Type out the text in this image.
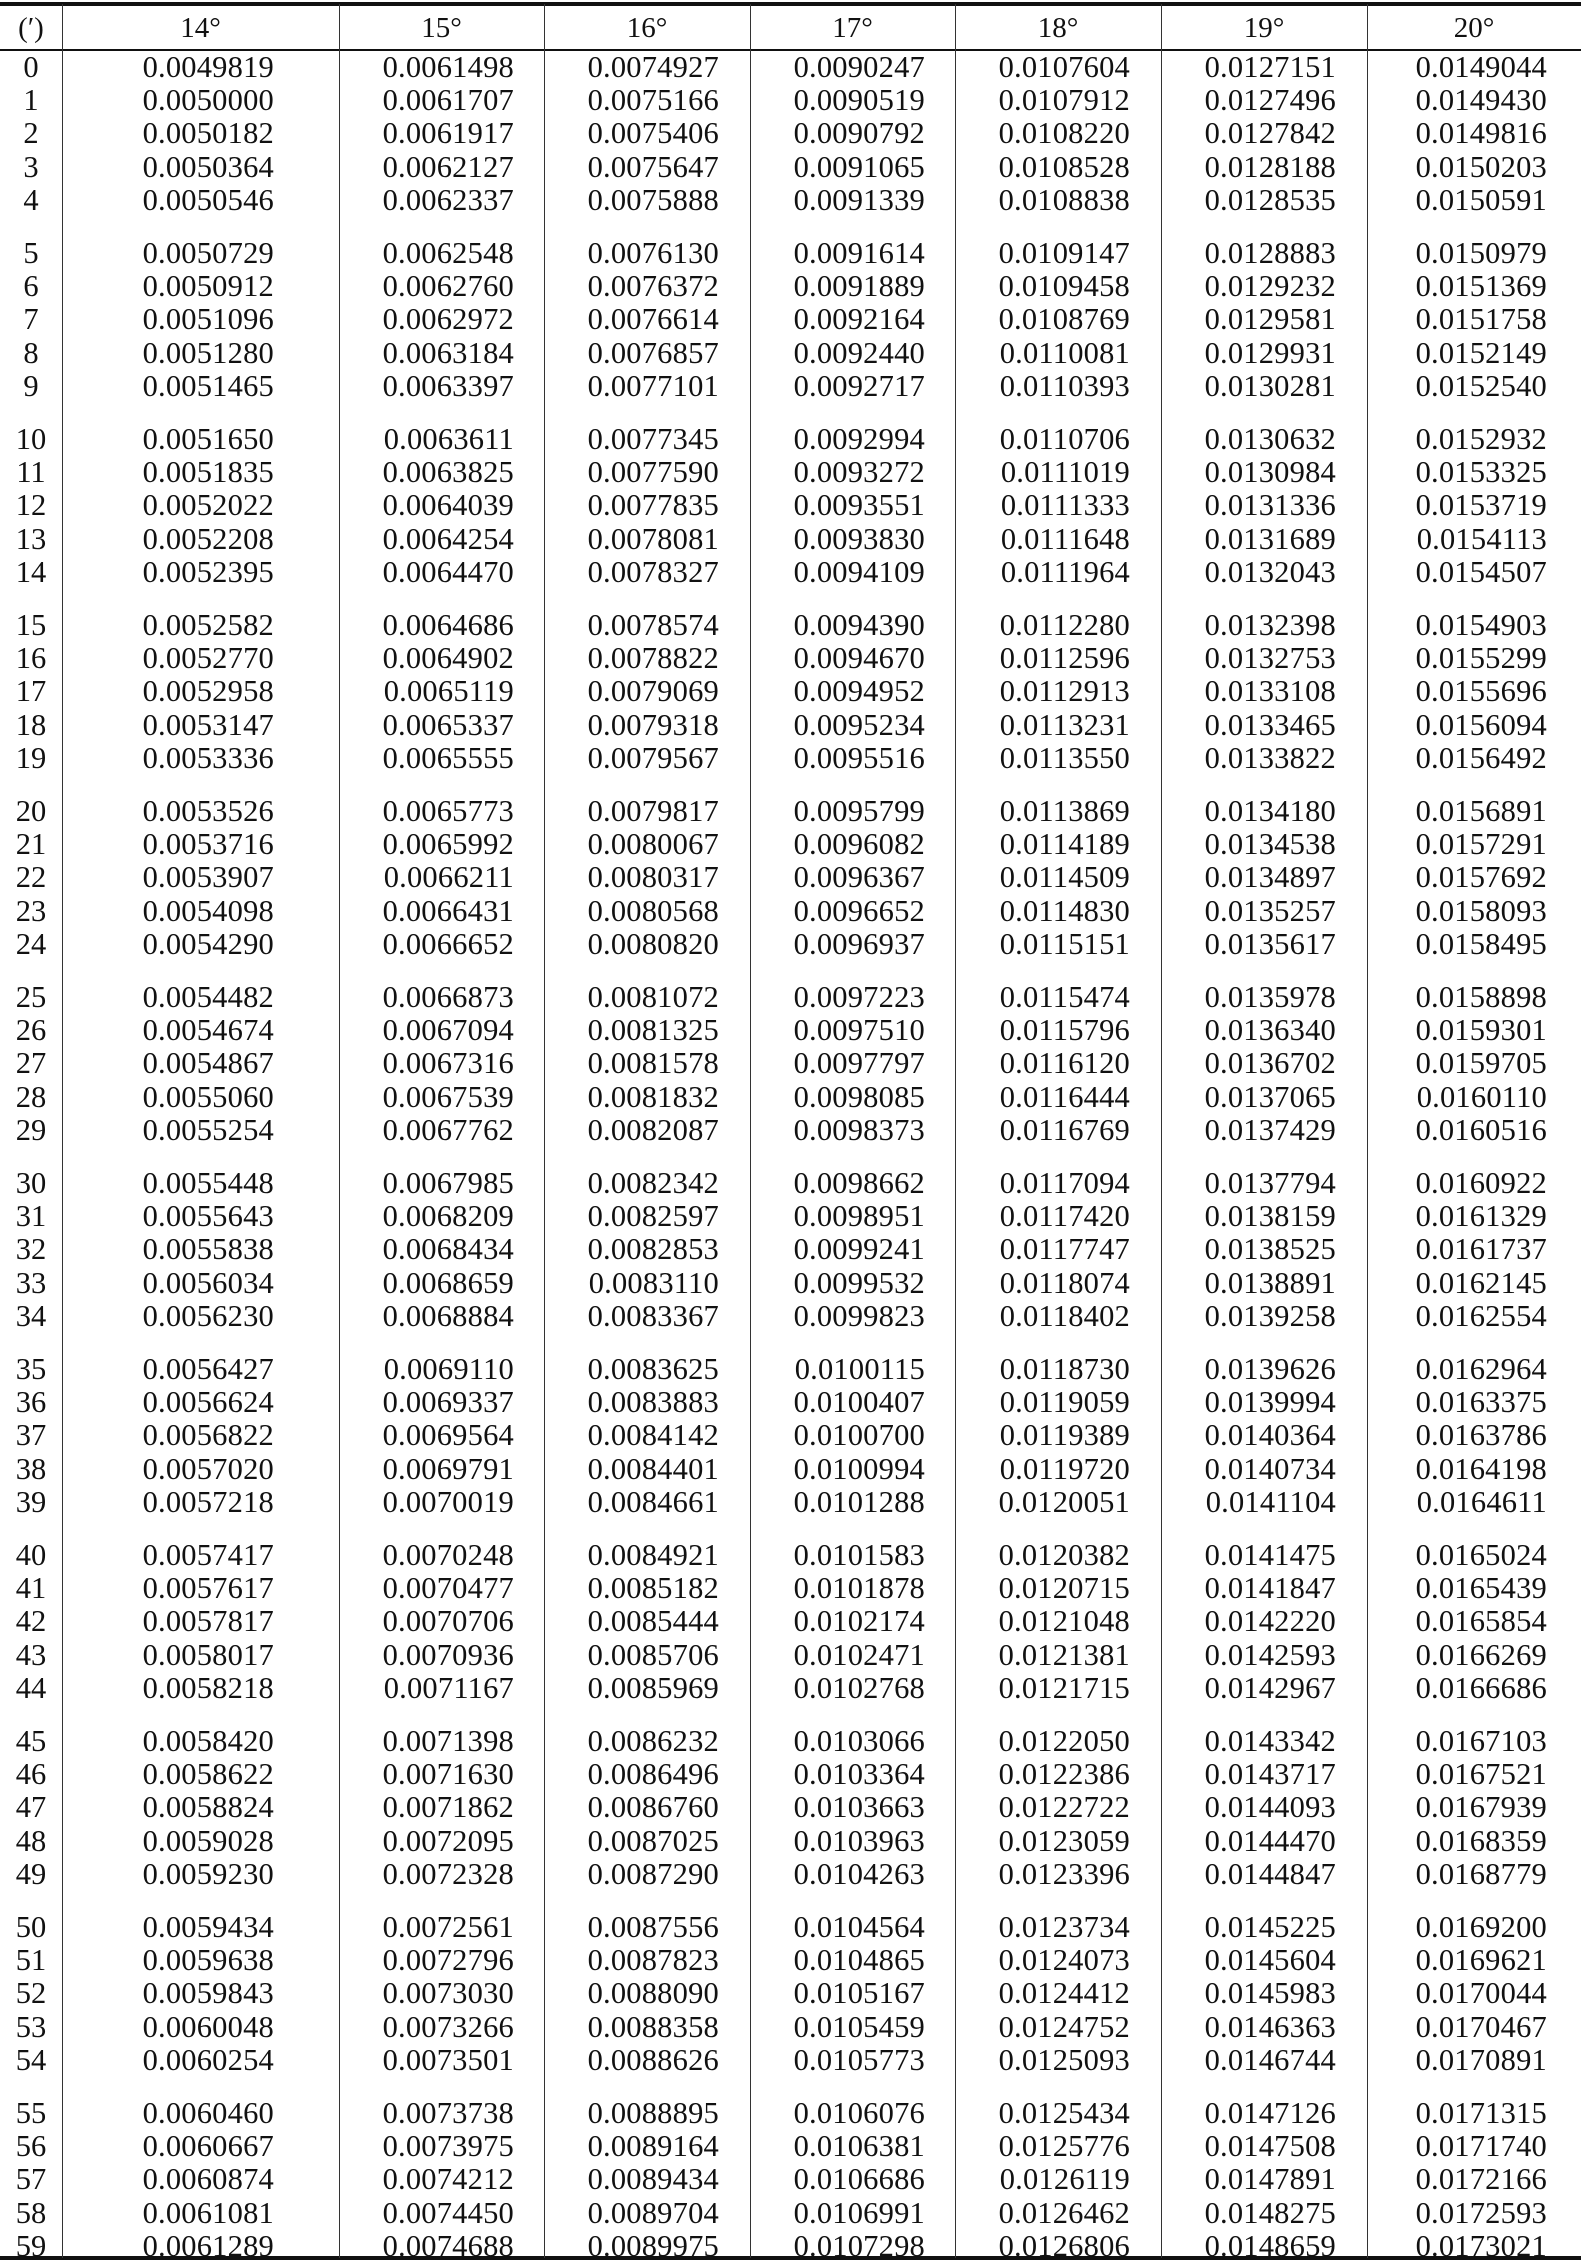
(′)	14°	15°	16°	17°	18°	19°	20°
0	0.0049819	0.0061498	0.0074927	0.0090247	0.0107604	0.0127151	0.0149044
1	0.0050000	0.0061707	0.0075166	0.0090519	0.0107912	0.0127496	0.0149430
2	0.0050182	0.0061917	0.0075406	0.0090792	0.0108220	0.0127842	0.0149816
3	0.0050364	0.0062127	0.0075647	0.0091065	0.0108528	0.0128188	0.0150203
4	0.0050546	0.0062337	0.0075888	0.0091339	0.0108838	0.0128535	0.0150591
5	0.0050729	0.0062548	0.0076130	0.0091614	0.0109147	0.0128883	0.0150979
6	0.0050912	0.0062760	0.0076372	0.0091889	0.0109458	0.0129232	0.0151369
7	0.0051096	0.0062972	0.0076614	0.0092164	0.0108769	0.0129581	0.0151758
8	0.0051280	0.0063184	0.0076857	0.0092440	0.0110081	0.0129931	0.0152149
9	0.0051465	0.0063397	0.0077101	0.0092717	0.0110393	0.0130281	0.0152540
10	0.0051650	0.0063611	0.0077345	0.0092994	0.0110706	0.0130632	0.0152932
11	0.0051835	0.0063825	0.0077590	0.0093272	0.0111019	0.0130984	0.0153325
12	0.0052022	0.0064039	0.0077835	0.0093551	0.0111333	0.0131336	0.0153719
13	0.0052208	0.0064254	0.0078081	0.0093830	0.0111648	0.0131689	0.0154113
14	0.0052395	0.0064470	0.0078327	0.0094109	0.0111964	0.0132043	0.0154507
15	0.0052582	0.0064686	0.0078574	0.0094390	0.0112280	0.0132398	0.0154903
16	0.0052770	0.0064902	0.0078822	0.0094670	0.0112596	0.0132753	0.0155299
17	0.0052958	0.0065119	0.0079069	0.0094952	0.0112913	0.0133108	0.0155696
18	0.0053147	0.0065337	0.0079318	0.0095234	0.0113231	0.0133465	0.0156094
19	0.0053336	0.0065555	0.0079567	0.0095516	0.0113550	0.0133822	0.0156492
20	0.0053526	0.0065773	0.0079817	0.0095799	0.0113869	0.0134180	0.0156891
21	0.0053716	0.0065992	0.0080067	0.0096082	0.0114189	0.0134538	0.0157291
22	0.0053907	0.0066211	0.0080317	0.0096367	0.0114509	0.0134897	0.0157692
23	0.0054098	0.0066431	0.0080568	0.0096652	0.0114830	0.0135257	0.0158093
24	0.0054290	0.0066652	0.0080820	0.0096937	0.0115151	0.0135617	0.0158495
25	0.0054482	0.0066873	0.0081072	0.0097223	0.0115474	0.0135978	0.0158898
26	0.0054674	0.0067094	0.0081325	0.0097510	0.0115796	0.0136340	0.0159301
27	0.0054867	0.0067316	0.0081578	0.0097797	0.0116120	0.0136702	0.0159705
28	0.0055060	0.0067539	0.0081832	0.0098085	0.0116444	0.0137065	0.0160110
29	0.0055254	0.0067762	0.0082087	0.0098373	0.0116769	0.0137429	0.0160516
30	0.0055448	0.0067985	0.0082342	0.0098662	0.0117094	0.0137794	0.0160922
31	0.0055643	0.0068209	0.0082597	0.0098951	0.0117420	0.0138159	0.0161329
32	0.0055838	0.0068434	0.0082853	0.0099241	0.0117747	0.0138525	0.0161737
33	0.0056034	0.0068659	0.0083110	0.0099532	0.0118074	0.0138891	0.0162145
34	0.0056230	0.0068884	0.0083367	0.0099823	0.0118402	0.0139258	0.0162554
35	0.0056427	0.0069110	0.0083625	0.0100115	0.0118730	0.0139626	0.0162964
36	0.0056624	0.0069337	0.0083883	0.0100407	0.0119059	0.0139994	0.0163375
37	0.0056822	0.0069564	0.0084142	0.0100700	0.0119389	0.0140364	0.0163786
38	0.0057020	0.0069791	0.0084401	0.0100994	0.0119720	0.0140734	0.0164198
39	0.0057218	0.0070019	0.0084661	0.0101288	0.0120051	0.0141104	0.0164611
40	0.0057417	0.0070248	0.0084921	0.0101583	0.0120382	0.0141475	0.0165024
41	0.0057617	0.0070477	0.0085182	0.0101878	0.0120715	0.0141847	0.0165439
42	0.0057817	0.0070706	0.0085444	0.0102174	0.0121048	0.0142220	0.0165854
43	0.0058017	0.0070936	0.0085706	0.0102471	0.0121381	0.0142593	0.0166269
44	0.0058218	0.0071167	0.0085969	0.0102768	0.0121715	0.0142967	0.0166686
45	0.0058420	0.0071398	0.0086232	0.0103066	0.0122050	0.0143342	0.0167103
46	0.0058622	0.0071630	0.0086496	0.0103364	0.0122386	0.0143717	0.0167521
47	0.0058824	0.0071862	0.0086760	0.0103663	0.0122722	0.0144093	0.0167939
48	0.0059028	0.0072095	0.0087025	0.0103963	0.0123059	0.0144470	0.0168359
49	0.0059230	0.0072328	0.0087290	0.0104263	0.0123396	0.0144847	0.0168779
50	0.0059434	0.0072561	0.0087556	0.0104564	0.0123734	0.0145225	0.0169200
51	0.0059638	0.0072796	0.0087823	0.0104865	0.0124073	0.0145604	0.0169621
52	0.0059843	0.0073030	0.0088090	0.0105167	0.0124412	0.0145983	0.0170044
53	0.0060048	0.0073266	0.0088358	0.0105459	0.0124752	0.0146363	0.0170467
54	0.0060254	0.0073501	0.0088626	0.0105773	0.0125093	0.0146744	0.0170891
55	0.0060460	0.0073738	0.0088895	0.0106076	0.0125434	0.0147126	0.0171315
56	0.0060667	0.0073975	0.0089164	0.0106381	0.0125776	0.0147508	0.0171740
57	0.0060874	0.0074212	0.0089434	0.0106686	0.0126119	0.0147891	0.0172166
58	0.0061081	0.0074450	0.0089704	0.0106991	0.0126462	0.0148275	0.0172593
59	0.0061289	0.0074688	0.0089975	0.0107298	0.0126806	0.0148659	0.0173021
